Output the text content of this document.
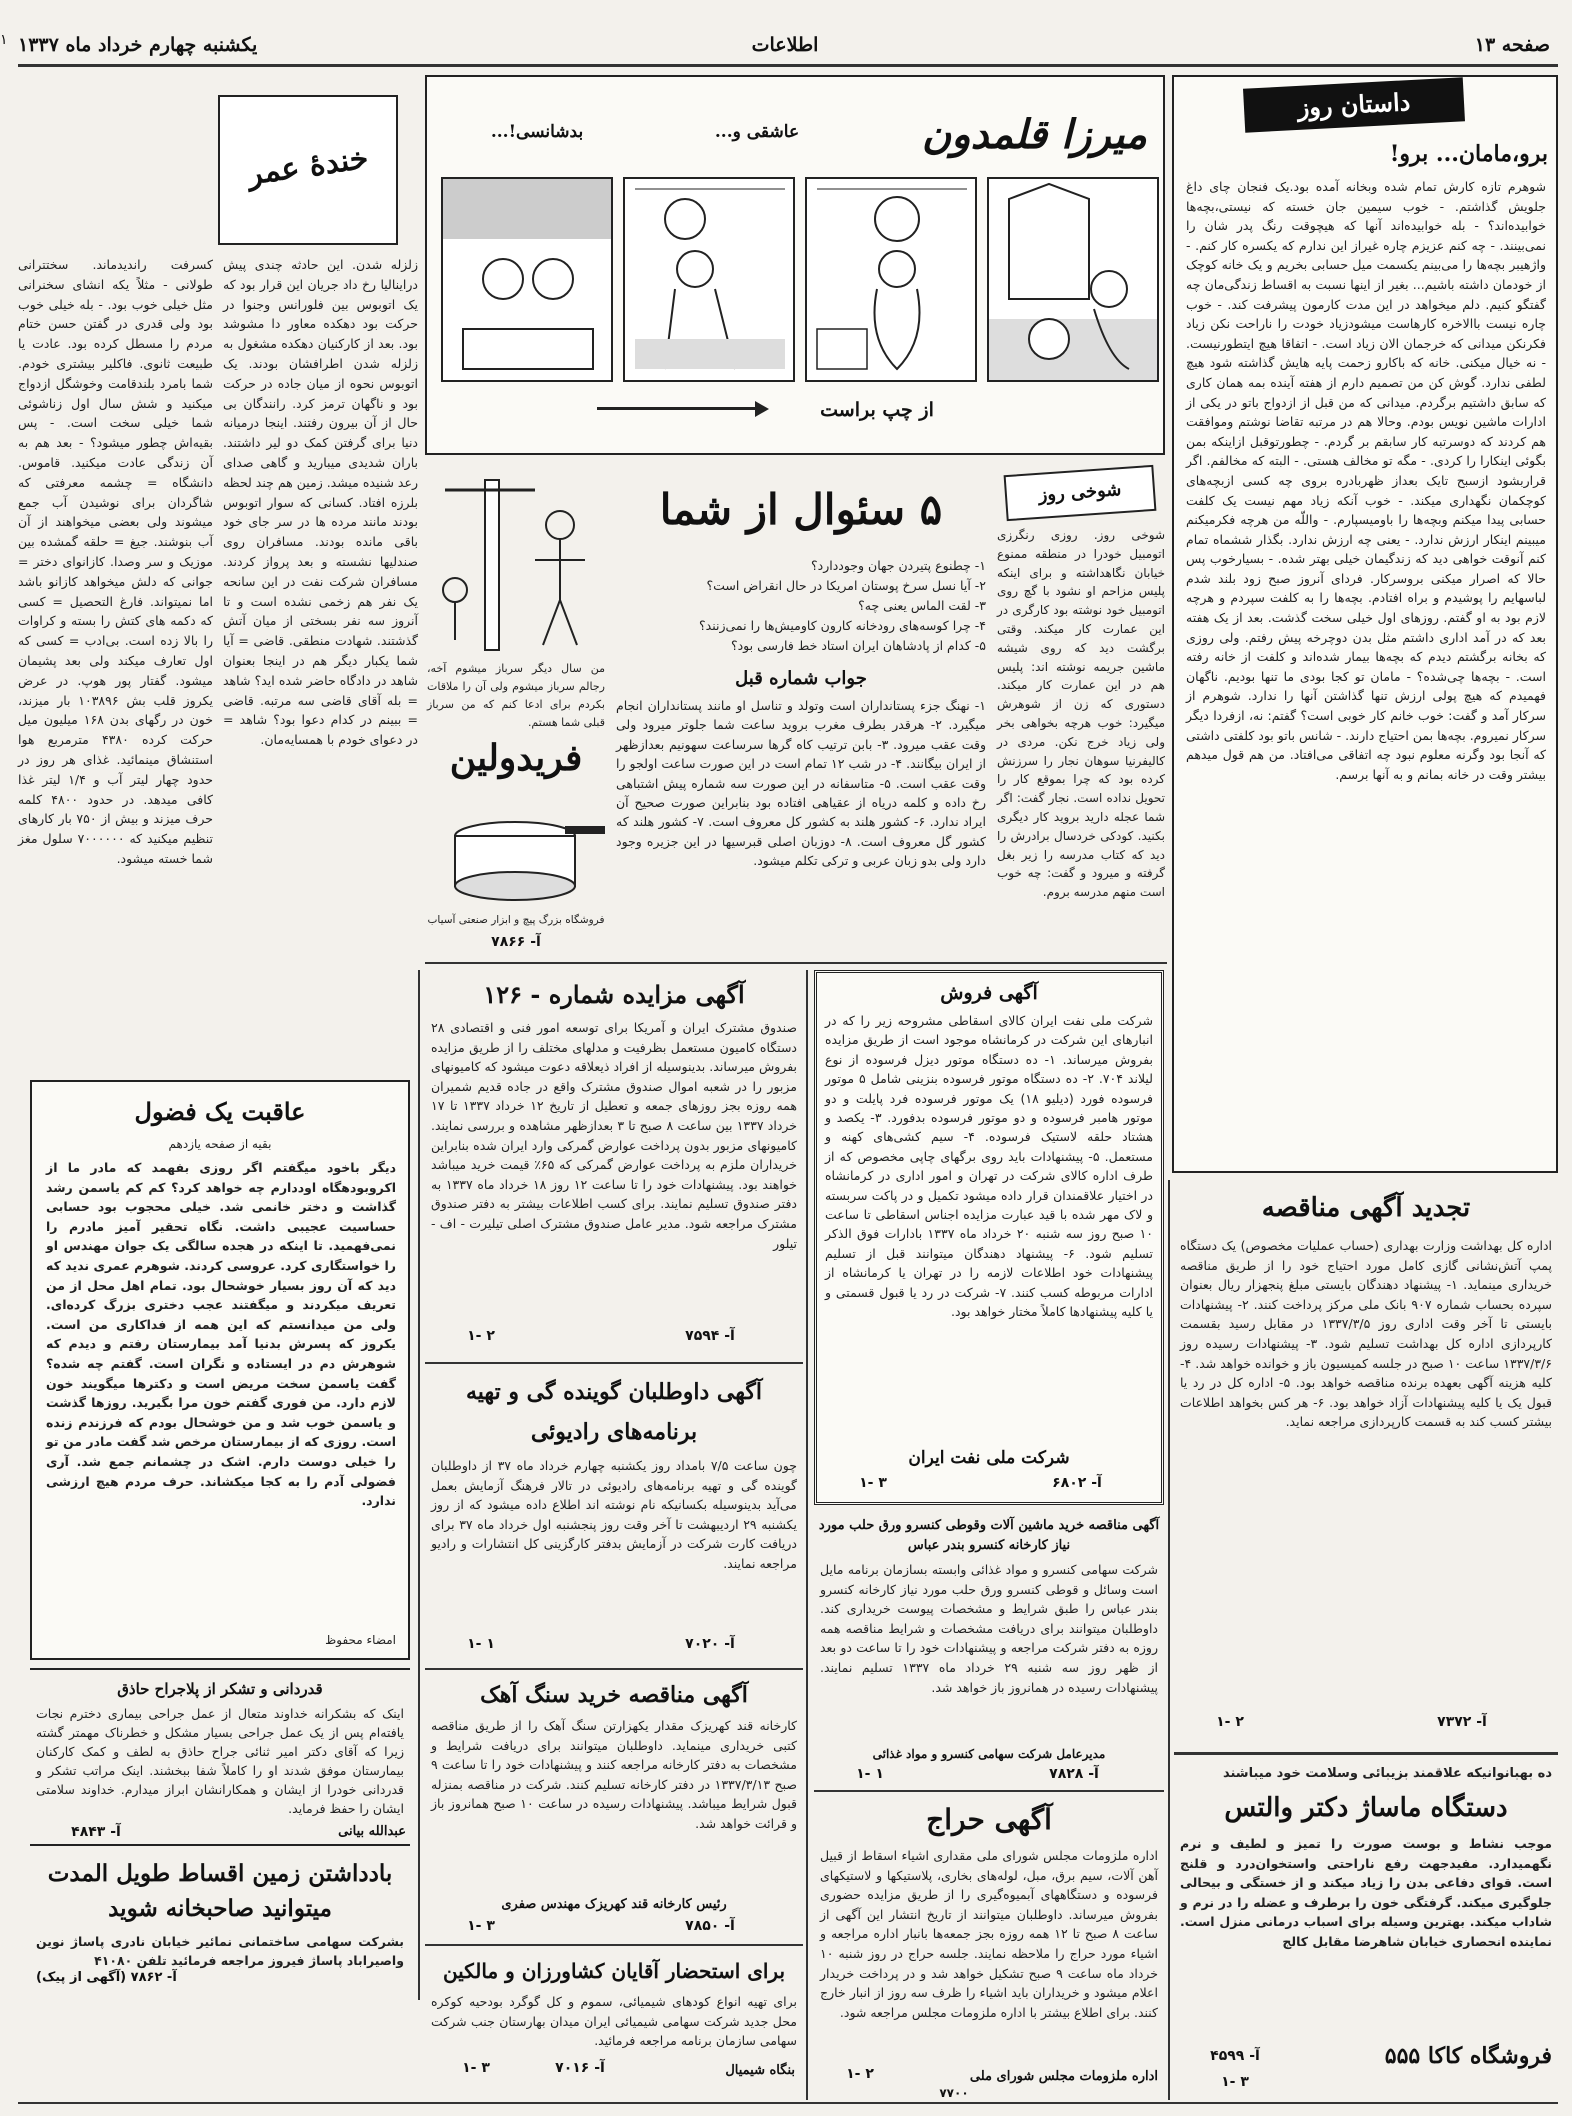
یکشنبه چهارم خرداد ماه ۱۳۳۷	اطلاعات	صفحه ۱۳
۱
داستان روز
برو،ماما‌ن... برو!
شوهرم تازه کارش تمام شده وبخانه آمده بود.یک فنجان چای داغ جلویش گذاشتم. - خوب سیمین جان خسته که نیستی،بچه‌ها خوابیده‌اند؟ - بله خوابیده‌اند آنها که هیچوقت رنگ پدر شان را نمی‌بینند. - چه کنم عزیزم چاره غیراز این ندارم که یکسره کار کنم. - واژهیبر بچه‌ها را می‌بینم یکسمت میل حسابی بخریم و یک خانه کوچک از خودمان داشته باشیم... بغیر از اینها نسبت به اقساط زندگی‌مان چه گفتگو کنیم. دلم میخواهد در این مدت کارمون پیشرفت کند. - خوب چاره نیست باالاخره کارهاست میشودزیاد خودت را ناراحت نکن زیاد فکرنکن میدانی که ‌خرجمان الان زیاد است. - اتفاقا هیچ ایتطورنیست. - نه خیال میکنی. خانه که باکارو زحمت پایه هایش گذاشته شود هیچ لطفی ندارد. گوش کن من تصمیم دارم از هفته آینده بمه همان کاری که سابق داشتیم برگردم. میدانی که من قبل از ازدواج باتو در یکی از ادارات ماشین نویس بودم. وحالا هم در مرتبه تقاضا نوشتم وموافقت هم کردند که دوسرتبه کار سابقم بر گردم. - چطورتوقبل ازاینکه بمن بگوئی اینکارا را کردی. - مگه تو مخالف هستی. - البته که مخالفم. اگر قراربشود ازسبح تایک بعداز ظهربادره بروی چه کسی ازبچه‌های کوچکمان نگهداری میکند. - خوب آنکه زیاد مهم نیست یک کلفت حسابی پیدا میکنم وبچه‌ها را باومیسپارم. - واللّه من هرچه فکرمیکنم میبینم اینکار ارزش ندارد. - یعنی چه ارزش ندارد. بگذار ششماه تمام کنم آنوقت خواهی دید که زندگیمان خیلی بهتر شده. - بسیارخوب پس حالا که اصرار میکنی بروسرکار. فردای آنروز صبح زود بلند شدم لباسهایم را پوشیدم و براه افتادم. بچه‌ها را به کلفت سپردم و هرچه لازم بود به او گفتم. روزهای اول خیلی سخت گذشت. بعد از یک هفته بعد که در آمد اداری داشتم مثل بدن دوچرخه پیش رفتم. ولی روزی که بخانه برگشتم دیدم که بچه‌ها بیمار شده‌اند و کلفت از خانه رفته است. - بچه‌ها چی‌شده؟ - مامان تو کجا بودی ما تنها بودیم. ناگهان فهمیدم که هیچ پولی ارزش تنها گذاشتن آنها را ندارد. شوهرم از سرکار آمد و گفت: خوب خانم کار خوبی است؟ گفتم: نه، ازفردا دیگر سرکار نمیروم. بچه‌ها بمن احتیاج دارند. - شانس باتو بود کلفتی داشتی که آنجا بود وگرنه معلوم نبود چه اتفاقی می‌افتاد. من هم قول میدهم بیشتر وقت در خانه بمانم و به آنها برسم.
میرزا قلمدون
عاشقی و...
بدشانسی!...
از چپ براست
خندهٔ عمر
کسرفت راندیدماند. سختترانی طولانی - مثلاً یکه انشای سخنرانی مثل خیلی خوب بود. - بله خیلی خوب بود ولی قدری در گفتن حسن ختام مردم را مسطل کرده بود. عادت یا طبیعت ثانوی. فاکلیر بیشتری خودم. شما بامرد بلندقامت وخوشگل ازدواج میکنید و شش سال اول زناشوئی شما خیلی سخت است. - پس بقیه‌اش چطور میشود؟ - بعد هم به آن زندگی عادت میکنید. قاموس. دانشگاه = چشمه معرفتی که شاگردان برای نوشیدن آب جمع میشوند ولی بعضی میخواهند از آن آب بنوشند. جیغ = حلقه گمشده بین موزیک و سر وصدا. کازانوای دختر = جوانی که دلش میخواهد کازانو باشد اما نمیتواند. فارغ التحصیل = کسی که دکمه های کتش را بسته و کراوات را بالا زده است. بی‌ادب = کسی که اول تعارف میکند ولی بعد پشیمان میشود. گفتار پور هوپ. در عرض یکروز قلب بش ۱۰۳۸۹۶ بار میزند، خون در رگهای بدن ۱۶۸ میلیون میل حرکت کرده ۴۳۸۰ مترمربع هوا استنشاق مینمائید. غذای هر روز در حدود چهار لیتر آب و ۱/۴ لیتر غذا کافی میدهد. در حدود ۴۸۰۰ کلمه حرف میزند و بیش از ۷۵۰ بار کارهای تنظیم میکنید که ۷۰۰۰۰۰۰ سلول مغز شما خسته میشود.
زلزله شدن. این حادثه چندی پیش دراینالیا رخ داد جریان این قرار بود که یک اتوبوس بین فلورانس وجنوا در حرکت بود دهکده معاور دا مشوشد بود. بعد از کارکنیان دهکده مشغول به زلزله شدن اطرافشان بودند. یک اتوبوس نحوه از میان جاده در حرکت بود و ناگهان ترمز کرد. رانندگان بی حال از آن بیرون رفتند. اینجا درمیانه دنیا برای گرفتن کمک دو لیر داشتند. باران شدیدی میبارید و گاهی صدای رعد شنیده میشد. زمین هم چند لحظه بلرزه افتاد. کسانی که سوار اتوبوس بودند مانند مرده ها در سر جای خود باقی مانده بودند. مسافران روی صندلیها نشسته و بعد پرواز کردند. مسافران شرکت نفت در این سانحه یک نفر هم زخمی نشده است و تا آنروز سه نفر بسختی از میان آتش گذشتند. شهادت منطقی. قاضی = آیا شما یکبار دیگر هم در اینجا بعنوان شاهد در دادگاه حاضر شده اید؟ شاهد = بله آقای قاضی سه مرتبه. قاضی = ببینم در کدام دعوا بود؟ شاهد = در دعوای خودم با همسایه‌مان.
۵ سئوال از شما
۱- چطنوع پتیردن جهان وجوددارد؟
۲- آیا نسل سرخ پوستان امریکا در حال انقراض است؟
۳- لقت الماس یعنی چه؟
۴- چرا کوسه‌های رودخانه کارون کاومیش‌ها را نمی‌زنند؟
۵- کدام از پادشاهان ایران استاد خط فارسی بود؟
جواب شماره قبل
۱- نهنگ جزء پستانداران است وتولد و تناسل او مانند پستانداران انجام میگیرد. ۲- هرقدر بطرف مغرب بروید ساعت شما جلوتر میرود ولی وقت عقب میرود. ۳- بابن ترتیب کاه گرها سرساعت سهونیم بعدازظهر از ایران بیگانند. ۴- در شب ۱۲ تمام است در این صورت ساعت اولجو را وقت عقب است. ۵- متاسفانه در این صورت سه شماره پیش اشتباهی رخ داده و کلمه دریاه از عقیاهی افتاده بود بنابراین صورت صحیح آن ایراد ندارد. ۶- کشور هلند به کشور کل معروف است. ۷- کشور هلند که کشور گل معروف است. ۸- دوزبان اصلی قبرسیها در این جزیره وجود دارد ولی بدو زبان عربی و ترکی تکلم میشود.
شوخی روز
شوخی روز. روزی رنگرزی اتومبیل خودرا در منطقه ممنوع خیابان نگاهداشته و برای اینکه پلیس مزاحم او نشود با گچ روی اتومبیل خود نوشته بود کارگری در این عمارت کار میکند. وقتی برگشت دید که روی شیشه ماشین جریمه نوشته اند: پلیس هم در این عمارت کار میکند. دستوری که زن از شوهرش میگیرد: خوب هرچه بخواهی بخر ولی زیاد خرج نکن. مردی در کالیفرنیا سوهان نجار را سرزنش کرده بود که چرا بموقع کار را تحویل نداده است. نجار گفت: اگر شما عجله دارید بروید کار دیگری بکنید. کودکی خردسال برادرش را دید که کتاب مدرسه را زیر بغل گرفته و میرود و گفت: چه خوب است منهم مدرسه بروم.
من سال دیگر سرباز میشوم آخه، رجالم سرباز میشوم ولی آن را ملاقات بکردم برای ادعا کنم که من سرباز قبلی شما هستم.
فریدولین
فروشگاه بزرگ پیچ و ابزار صنعتی آسیاب
آ- ۷۸۶۶
عاقبت یک فضول
بقیه از صفحه یازدهم
دیگر باخود میگفتم اگر روزی بفهمد که مادر ما از اکروبودهگاه اوددارم چه خواهد کرد؟ کم کم یاسمن رشد گذاشت و دختر خانمی شد. خیلی محجوب بود حسابی حساسیت عجیبی داشت. نگاه تحقیر آمیز مادرم را نمی‌فهمید. تا اینکه در هجده سالگی یک جوان مهندس او را خواستگاری کرد. عروسی کردند. شوهرم عمری ندید که دید که آن روز بسیار خوشحال بود. تمام اهل محل از من تعریف میکردند و میگفتند عجب دختری بزرگ کرده‌ای. ولی من میدانستم که این همه از فداکاری من است. یکروز که پسرش بدنیا آمد بیمارستان رفتم و دیدم که شوهرش دم در ایستاده و نگران است. گفتم چه شده؟ گفت یاسمن سخت مریض است و دکترها میگویند خون لازم دارد. من فوری گفتم خون مرا بگیرید. روزها گذشت و یاسمن خوب شد و من خوشحال بودم که فرزندم زنده است. روزی که از بیمارستان مرخص شد گفت مادر من تو را خیلی دوست دارم. اشک در چشمانم جمع شد. آری فضولی آدم را به کجا میکشاند. حرف مردم هیچ ارزشی ندارد.
امضاء محفوظ
قدردانی و تشکر از پلاجراح حاذق
اینک که بشکرانه خداوند متعال از عمل جراحی بیماری دخترم نجات یافته‌ام پس از یک عمل جراحی بسیار مشکل و خطرناک مهمتر گشته زیرا که آقای دکتر امیر ثنائی جراح حاذق به لطف و کمک کارکنان بیمارستان موفق شدند او را کاملاً شفا ببخشند. اینک مراتب تشکر و قدردانی خودرا از ایشان و همکارانشان ابراز میدارم. خداوند سلامتی ایشان را حفظ فرماید.
عبدالله بیانی
آ- ۴۸۴۳
بادداشتن زمین اقساط طویل المدت میتوانید صاحبخانه شوید
بشرکت سهامی ساختمانی نمائیر خیابان نادری پاساژ نوین واصیراباد پاساژ فیروز مراجعه فرمائید تلفن ۴۱۰۸۰
آ- ۷۸۶۲ (آگهی از پیک)
آگهی مزایده شماره - ۱۲۶
صندوق مشترک ایران و آمریکا برای توسعه امور فنی و اقتصادی ۲۸ دستگاه کامیون مستعمل بظرفیت و مدلهای مختلف را از طریق مزایده بفروش میرساند. بدینوسیله از افراد ذیعلاقه دعوت میشود که کامیونهای مزبور را در شعبه اموال صندوق مشترک واقع در جاده قدیم شمیران همه روزه بجز روزهای جمعه و تعطیل از تاریخ ۱۲ خرداد ۱۳۳۷ تا ۱۷ خرداد ۱۳۳۷ بین ساعت ۸ صبح تا ۳ بعدازظهر مشاهده و بررسی نمایند. کامیونهای مزبور بدون پرداخت عوارض گمرکی وارد ایران شده بنابراین خریداران ملزم به پرداخت عوارض گمرکی که ۶۵٪ قیمت خرید میباشد خواهند بود. پیشنهادات خود را تا ساعت ۱۲ روز ۱۸ خرداد ماه ۱۳۳۷ به دفتر صندوق تسلیم نمایند. برای کسب اطلاعات بیشتر به دفتر صندوق مشترک مراجعه شود. مدیر عامل صندوق مشترک اصلی تیلیرت - اف - تیلور
آ- ۷۵۹۴
۱- ۲
آگهی داوطلبان گوینده گی و تهیه برنامه‌های رادیوئی
چون ساعت ۷/۵ بامداد روز یکشنبه چهارم خرداد ماه ۳۷ از داوطلبان گوینده گی و تهیه برنامه‌های رادیوئی در تالار فرهنگ آزمایش بعمل می‌آید بدینوسیله بکسانیکه نام نوشته اند اطلاع داده میشود که از روز یکشنبه ۲۹ اردیبهشت تا آخر وقت روز پنجشنبه اول خرداد ماه ۳۷ برای دریافت کارت شرکت در آزمایش بدفتر کارگزینی کل انتشارات و رادیو مراجعه نمایند.
آ- ۷۰۲۰
۱- ۱
آگهی مناقصه خرید سنگ آهک
کارخانه قند کهریزک مقدار یکهزارتن سنگ آهک را از طریق مناقصه کتبی خریداری مینماید. داوطلبان میتوانند برای دریافت شرایط و مشخصات به دفتر کارخانه مراجعه کنند و پیشنهادات خود را تا ساعت ۹ صبح ۱۳۳۷/۳/۱۳ در دفتر کارخانه تسلیم کنند. شرکت در مناقصه بمنزله قبول شرایط میباشد. پیشنهادات رسیده در ساعت ۱۰ صبح همانروز باز و قرائت خواهد شد.
رئیس کارخانه قند کهریزک مهندس صفری
آ- ۷۸۵۰
۱- ۳
برای استحضار آقایان کشاورزان و مالکین
برای تهیه انواع کودهای شیمیائی، سموم و کل گوگرد بودحیه کوکره محل جدید شرکت سهامی شیمیائی ایران میدان بهارستان جنب شرکت سهامی سازمان برنامه مراجعه فرمائید.
بنگاه شیمیال
آ- ۷۰۱۶
۱- ۳
آگهی فروش
شرکت ملی نفت ایران کالای اسقاطی مشروحه زیر را که در انبارهای این شرکت در کرمانشاه موجود است از طریق مزایده بفروش میرساند. ۱- ده دستگاه موتور دیزل فرسوده از نوع لیلاند ۷۰۴. ۲- ده دستگاه موتور فرسوده بنزینی شامل ۵ موتور فرسوده فورد (دیلیو ۱۸) یک موتور فرسوده فرد پایلت و دو موتور هامبر فرسوده و دو موتور فرسوده بدفورد. ۳- یکصد و هشتاد حلقه لاستیک فرسوده. ۴- سیم کشی‌های کهنه و مستعمل. ۵- پیشنهادات باید روی برگهای چاپی مخصوص که از طرف اداره کالای شرکت در تهران و امور اداری در کرمانشاه در اختیار علاقمندان قرار داده میشود تکمیل و در پاکت سربسته و لاک مهر شده با قید عبارت مزایده اجناس اسقاطی تا ساعت ۱۰ صبح روز سه شنبه ۲۰ خرداد ماه ۱۳۳۷ بادارات فوق الذکر تسلیم شود. ۶- پیشنهاد دهندگان میتوانند قبل از تسلیم پیشنهادات خود اطلاعات لازمه را در تهران یا کرمانشاه از ادارات مربوطه کسب کنند. ۷- شرکت در رد یا قبول قسمتی و یا کلیه پیشنهادها کاملاً مختار خواهد بود.
شرکت ملی نفت ایران
آ- ۶۸۰۲
۱- ۳
آگهی مناقصه خرید ماشین آلات وقوطی کنسرو ورق حلب مورد نیاز کارخانه کنسرو بندر عباس
شرکت سهامی کنسرو و مواد غذائی وابسته بسازمان برنامه مایل است وسائل و قوطی کنسرو ورق حلب مورد نیاز کارخانه کنسرو بندر عباس را طبق شرایط و مشخصات پیوست خریداری کند. داوطلبان میتوانند برای دریافت مشخصات و شرایط مناقصه همه روزه به دفتر شرکت مراجعه و پیشنهادات خود را تا ساعت دو بعد از ظهر روز سه شنبه ۲۹ خرداد ماه ۱۳۳۷ تسلیم نمایند. پیشنهادات رسیده در همانروز باز خواهد شد.
مدیرعامل شرکت سهامی کنسرو و مواد غذائی
آ- ۷۸۲۸
۱- ۱
آگهی حراج
اداره ملزومات مجلس شورای ملی مقداری اشیاء اسقاط از قبیل آهن آلات، سیم برق، مبل، لوله‌های بخاری، پلاستیکها و لاستیکهای فرسوده و دستگاههای آبمیوه‌گیری را از طریق مزایده حضوری بفروش میرساند. داوطلبان میتوانند از تاریخ انتشار این آگهی از ساعت ۸ صبح تا ۱۲ همه روزه بجز جمعه‌ها بانبار اداره مراجعه و اشیاء مورد حراج را ملاحظه نمایند. جلسه حراج در روز شنبه ۱۰ خرداد ماه ساعت ۹ صبح تشکیل خواهد شد و در پرداخت خریدار اعلام میشود و خریداران باید اشیاء را ظرف سه روز از انبار خارج کنند. برای اطلاع بیشتر با اداره ملزومات مجلس مراجعه شود.
اداره ملزومات مجلس شورای ملی
۷۷۰۰
۱- ۲
تجدید آگهی مناقصه
اداره کل بهداشت وزارت بهداری (حساب عملیات مخصوص) یک دستگاه پمپ آتش‌نشانی گازی کامل مورد احتیاج خود را از طریق مناقصه خریداری مینماید. ۱- پیشنهاد دهندگان بایستی مبلغ پنجهزار ریال بعنوان سپرده بحساب شماره ۹۰۷ بانک ملی مرکز پرداخت کنند. ۲- پیشنهادات بایستی تا آخر وقت اداری روز ۱۳۳۷/۳/۵ در مقابل رسید بقسمت کارپردازی اداره کل بهداشت تسلیم شود. ۳- پیشنهادات رسیده روز ۱۳۳۷/۳/۶ ساعت ۱۰ صبح در جلسه کمیسیون باز و خوانده خواهد شد. ۴- کلیه هزینه آگهی بعهده برنده مناقصه خواهد بود. ۵- اداره کل در رد یا قبول یک یا کلیه پیشنهادات آزاد خواهد بود. ۶- هر کس بخواهد اطلاعات بیشتر کسب کند به قسمت کارپردازی مراجعه نماید.
آ- ۷۳۷۲
۱- ۲
ده بهبانوانیکه علاقمند بزیبائی وسلامت خود میباشند
دستگاه ماساژ دکتر والتس
موجب نشاط و بوست صورت را تمیز و لطیف و نرم نگهمیدارد. مفیدجهت رفع ناراحتی واستخوان‌درد و قلنج است. قوای دفاعی بدن را زیاد میکند و از خستگی و بیحالی جلوگیری میکند. گرفتگی خون را برطرف و عضله را در نرم و شاداب میکند. بهترین وسیله برای اسباب درمانی منزل است. نماینده انحصاری خیابان شاهرضا مقابل کالج
فروشگاه کاکا ۵۵۵
آ- ۴۵۹۹
۱- ۳
